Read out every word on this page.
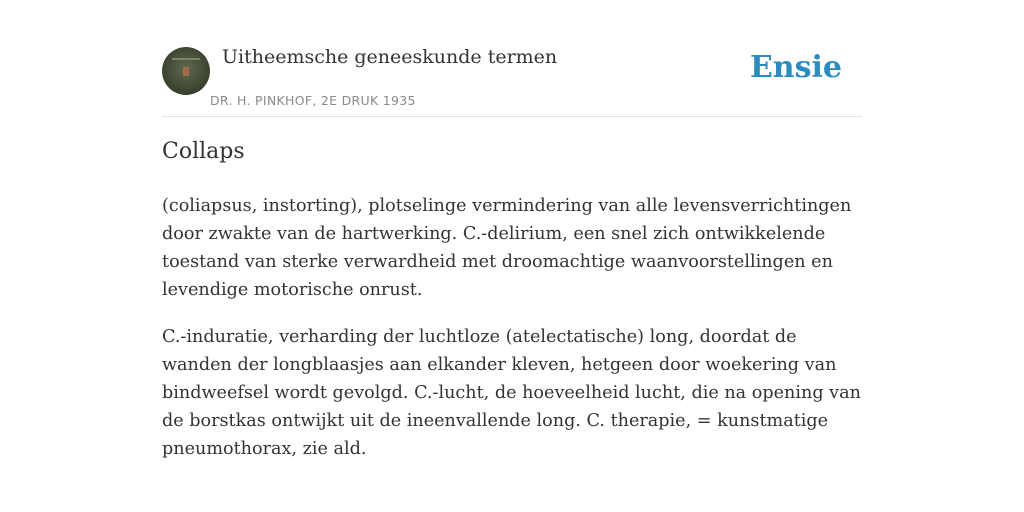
Uitheemsche geneeskunde termen
DR. H. PINKHOF, 2E DRUK 1935
Ensie
Collaps

(coliapsus, instorting), plotselinge vermindering van alle levensverrichtingen door zwakte van de hartwerking. C.-delirium, een snel zich ontwikkelende toestand van sterke verwardheid met droomachtige waanvoorstellingen en levendige motorische onrust.

C.-induratie, verharding der luchtloze (atelectatische) long, doordat de wanden der longblaasjes aan elkander kleven, hetgeen door woekering van bindweefsel wordt gevolgd. C.-lucht, de hoeveelheid lucht, die na opening van de borstkas ontwijkt uit de ineenvallende long. C. therapie, = kunstmatige pneumothorax, zie ald.
